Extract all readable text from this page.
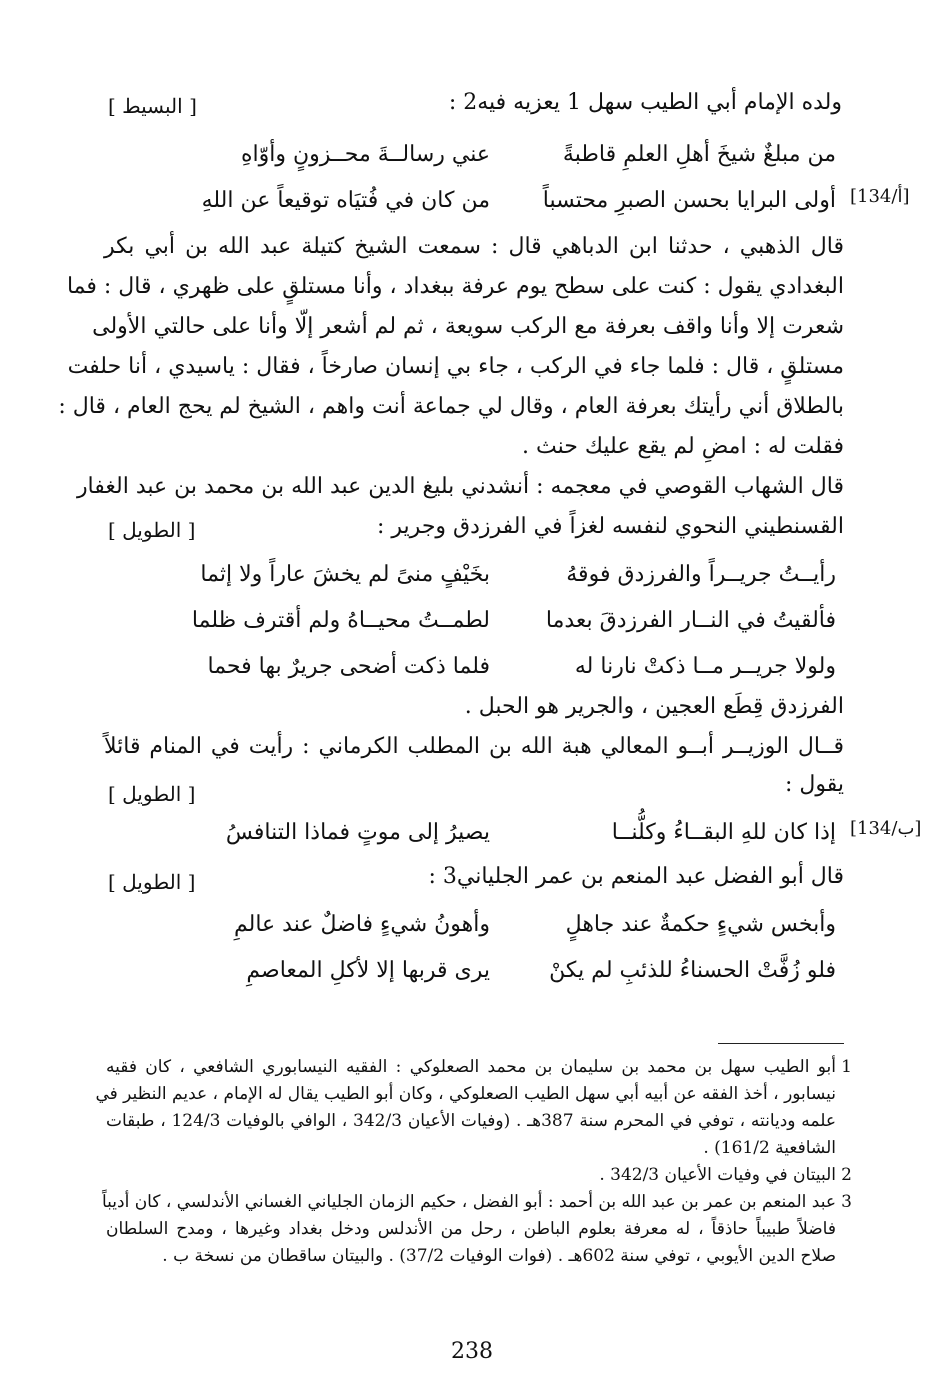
ولده الإمام أبي الطيب سهل 1 يعزيه فيه2 :
[ البسيط ]
من مبلغٌ شيخَ أهلِ العلمِ قاطبةً
عني رسالــةَ محــزونٍ وأوّاهِ
أولى البرايا بحسن الصبرِ محتسباً
من كان في فُتيَاه توقيعاً عن اللهِ	[134/أ]
قال الذهبي ، حدثنا ابن الدباهي قال : سمعت الشيخ كتيلة عبد الله بن أبي بكر
البغدادي يقول : كنت على سطح يوم عرفة ببغداد ، وأنا مستلقٍ على ظهري ، قال : فما
شعرت إلا وأنا واقف بعرفة مع الركب سويعة ، ثم لم أشعر إلّا وأنا على حالتي الأولى
مستلقٍ ، قال : فلما جاء في الركب ، جاء بي إنسان صارخاً ، فقال : ياسيدي ، أنا حلفت
بالطلاق أني رأيتك بعرفة العام ، وقال لي جماعة أنت واهم ، الشيخ لم يحج العام ، قال :
فقلت له : امضِ لم يقع عليك حنث .
قال الشهاب القوصي في معجمه : أنشدني بليغ الدين عبد الله بن محمد بن عبد الغفار
القسنطيني النحوي لنفسه لغزاً في الفرزدق وجرير :
[ الطويل ]
رأيــتُ جريــراً والفرزدق فوقهُ
بخَيْفٍ منىً لم يخشَ عاراً ولا إثما
فألقيتُ في النــار الفرزدقَ بعدما
لطمــتُ محيــاهُ ولم أقترف ظلما
ولولا جريــر مــا ذكتْ نارنا له
فلما ذكت أضحى جريرٌ بها فحما
الفرزدق قِطَع العجين ، والجرير هو الحبل .
قــال الوزيــر أبــو المعالي هبة الله بن المطلب الكرماني : رأيت في المنام قائلاً
يقول :
[ الطويل ]
إذا كان للهِ البقــاءُ وكلُّنــا
يصيرُ إلى موتٍ فماذا التنافسُ	[134/ب]
قال أبو الفضل عبد المنعم بن عمر الجلياني3 :
[ الطويل ]
وأبخس شيءٍ حكمةٌ عند جاهلٍ
وأهونُ شيءٍ فاضلٌ عند عالمِ
فلو زُفَّتْ الحسناءُ للذئبِ لم يكنْ
يرى قربها إلا لأكلِ المعاصمِ
1
أبو الطيب سهل بن محمد بن سليمان بن محمد الصعلوكي : الفقيه النيسابوري الشافعي ، كان فقيه
نيسابور ، أخذ الفقه عن أبيه أبي سهل الطيب الصعلوكي ، وكان أبو الطيب يقال له الإمام ، عديم النظير في
علمه وديانته ، توفي في المحرم سنة 387هـ . (وفيات الأعيان 342/3 ، الوافي بالوفيات 124/3 ، طبقات
الشافعية 161/2) .
2
البيتان في وفيات الأعيان 342/3 .
3
عبد المنعم بن عمر بن عبد الله بن أحمد : أبو الفضل ، حكيم الزمان الجلياني الغساني الأندلسي ، كان أديباً
فاضلاً طبيباً حاذقاً ، له معرفة بعلوم الباطن ، رحل من الأندلس ودخل بغداد وغيرها ، ومدح السلطان
صلاح الدين الأيوبي ، توفي سنة 602هـ . (فوات الوفيات 37/2) . والبيتان ساقطان من نسخة ب .
238
